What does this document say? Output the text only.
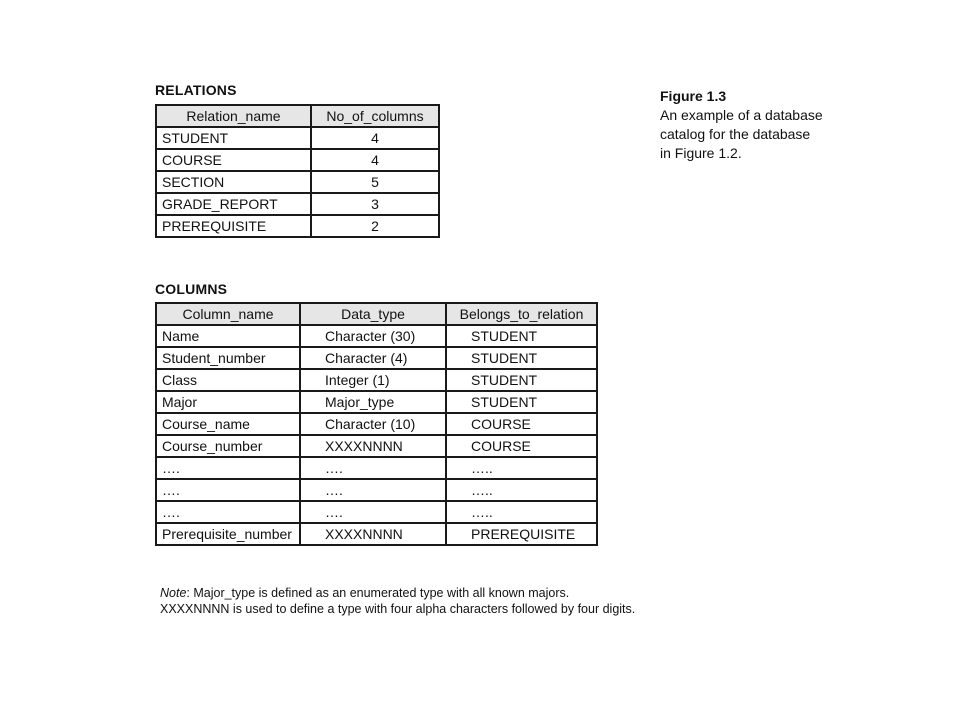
RELATIONS
Relation_name	No_of_columns
STUDENT	4
COURSE	4
SECTION	5
GRADE_REPORT	3
PREREQUISITE	2
COLUMNS
Column_name	Data_type	Belongs_to_relation
Name	Character (30)	STUDENT
Student_number	Character (4)	STUDENT
Class	Integer (1)	STUDENT
Major	Major_type	STUDENT
Course_name	Character (10)	COURSE
Course_number	XXXXNNNN	COURSE
….	….	…..
….	….	…..
….	….	…..
Prerequisite_number	XXXXNNNN	PREREQUISITE
Note: Major_type is defined as an enumerated type with all known majors.
XXXXNNNN is used to define a type with four alpha characters followed by four digits.
Figure 1.3
An example of a database
catalog for the database
in Figure 1.2.
